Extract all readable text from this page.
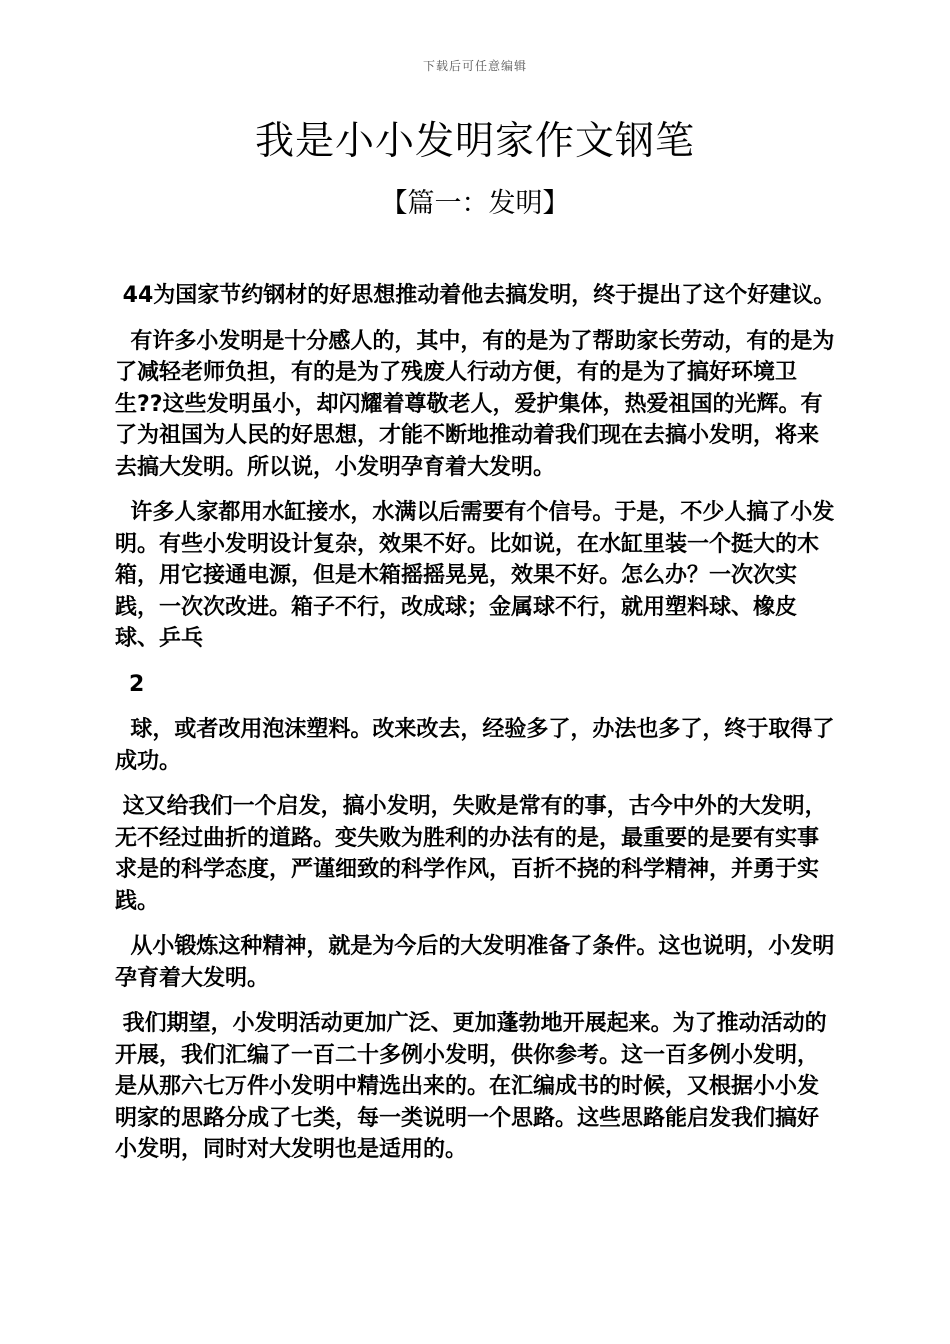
下载后可任意编辑
我是小小发明家作文钢笔
【篇一：发明】

44为国家节约钢材的好思想推动着他去搞发明，终于提出了这个好建议。

有许多小发明是十分感人的，其中，有的是为了帮助家长劳动，有的是为了减轻老师负担，有的是为了残废人行动方便，有的是为了搞好环境卫生??这些发明虽小，却闪耀着尊敬老人，爱护集体，热爱祖国的光辉。有了为祖国为人民的好思想，才能不断地推动着我们现在去搞小发明，将来去搞大发明。所以说，小发明孕育着大发明。

许多人家都用水缸接水，水满以后需要有个信号。于是，不少人搞了小发明。有些小发明设计复杂，效果不好。比如说，在水缸里装一个挺大的木箱，用它接通电源，但是木箱摇摇晃晃，效果不好。怎么办？一次次实践，一次次改进。箱子不行，改成球；金属球不行，就用塑料球、橡皮球、乒乓

2

球，或者改用泡沫塑料。改来改去，经验多了，办法也多了，终于取得了成功。

这又给我们一个启发，搞小发明，失败是常有的事，古今中外的大发明，无不经过曲折的道路。变失败为胜利的办法有的是，最重要的是要有实事求是的科学态度，严谨细致的科学作风，百折不挠的科学精神，并勇于实践。

从小锻炼这种精神，就是为今后的大发明准备了条件。这也说明，小发明孕育着大发明。

我们期望，小发明活动更加广泛、更加蓬勃地开展起来。为了推动活动的开展，我们汇编了一百二十多例小发明，供你参考。这一百多例小发明，是从那六七万件小发明中精选出来的。在汇编成书的时候，又根据小小发明家的思路分成了七类，每一类说明一个思路。这些思路能启发我们搞好小发明，同时对大发明也是适用的。
